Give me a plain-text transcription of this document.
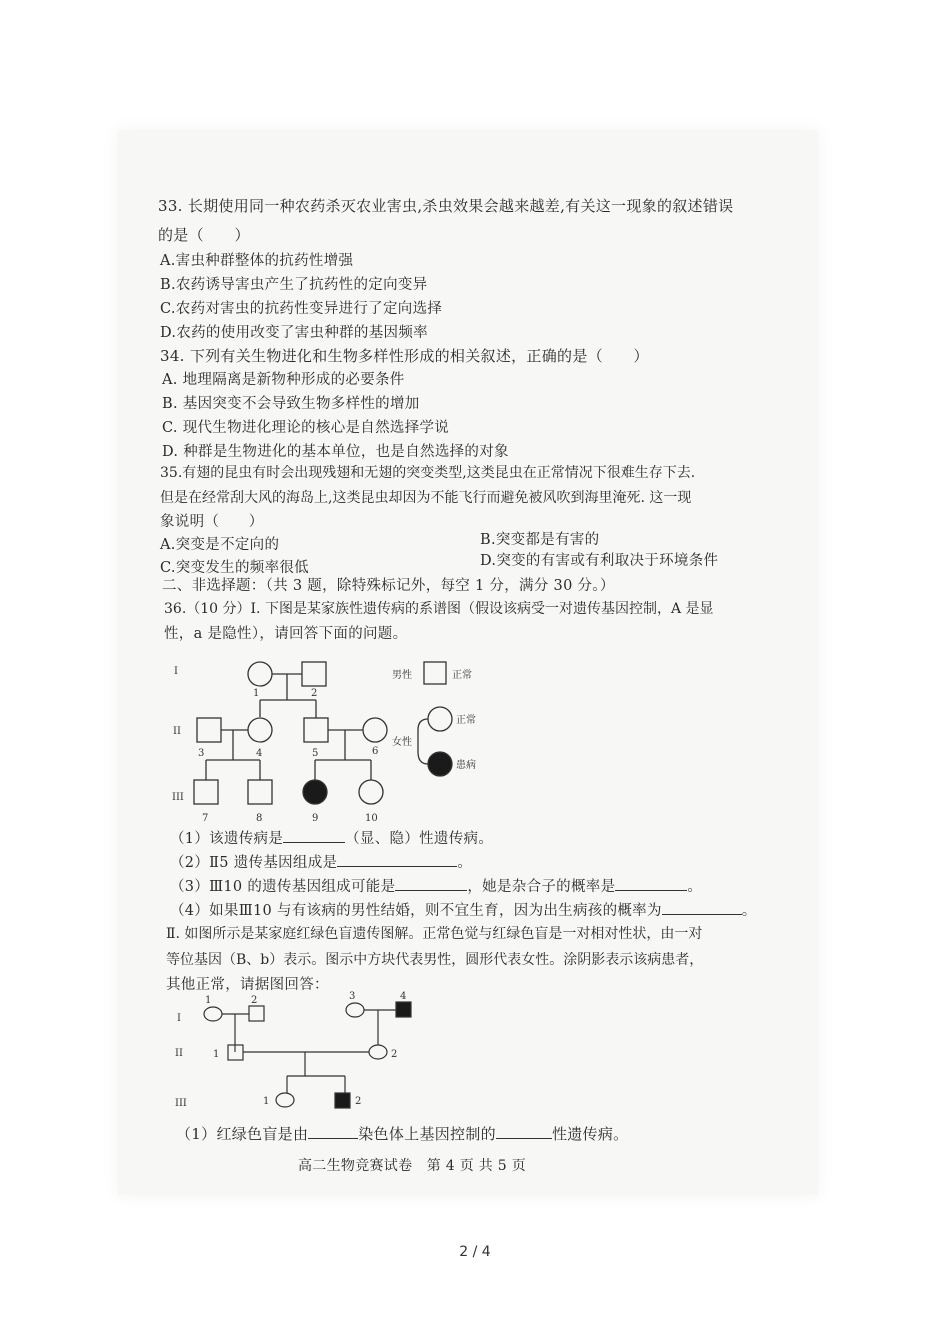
33. 长期使用同一种农药杀灭农业害虫,杀虫效果会越来越差,有关这一现象的叙述错误
的是（　　）
A.害虫种群整体的抗药性增强
B.农药诱导害虫产生了抗药性的定向变异
C.农药对害虫的抗药性变异进行了定向选择
D.农药的使用改变了害虫种群的基因频率
34. 下列有关生物进化和生物多样性形成的相关叙述，正确的是（　　）
A. 地理隔离是新物种形成的必要条件
B. 基因突变不会导致生物多样性的增加
C. 现代生物进化理论的核心是自然选择学说
D. 种群是生物进化的基本单位，也是自然选择的对象
35.有翅的昆虫有时会出现残翅和无翅的突变类型,这类昆虫在正常情况下很难生存下去.
但是在经常刮大风的海岛上,这类昆虫却因为不能飞行而避免被风吹到海里淹死. 这一现
象说明（　　）
A.突变是不定向的	B.突变都是有害的
C.突变发生的频率很低	D.突变的有害或有利取决于环境条件
二、非选择题：（共 3 题，除特殊标记外，每空 1 分，满分 30 分。）
36.（10 分）Ⅰ. 下图是某家族性遗传病的系谱图（假设该病受一对遗传基因控制，A 是显
性，a 是隐性），请回答下面的问题。
I
II
III
1	2
3	4	5	6
7	8	9	10
男性	正常
女性
正常
患病
（1）该遗传病是	（显、隐）性遗传病。
（2）Ⅱ5 遗传基因组成是	。
（3）Ⅲ10 的遗传基因组成可能是	，她是杂合子的概率是	。
（4）如果Ⅲ10 与有该病的男性结婚，则不宜生育，因为出生病孩的概率为	。
Ⅱ. 如图所示是某家庭红绿色盲遗传图解。正常色觉与红绿色盲是一对相对性状，由一对
等位基因（B、b）表示。图示中方块代表男性，圆形代表女性。涂阴影表示该病患者，
其他正常，请据图回答：
I
II
III
1	2	3	4
1	2
1	2
（1）红绿色盲是由	染色体上基因控制的	性遗传病。
高二生物竞赛试卷　第 4 页 共 5 页
2 / 4
